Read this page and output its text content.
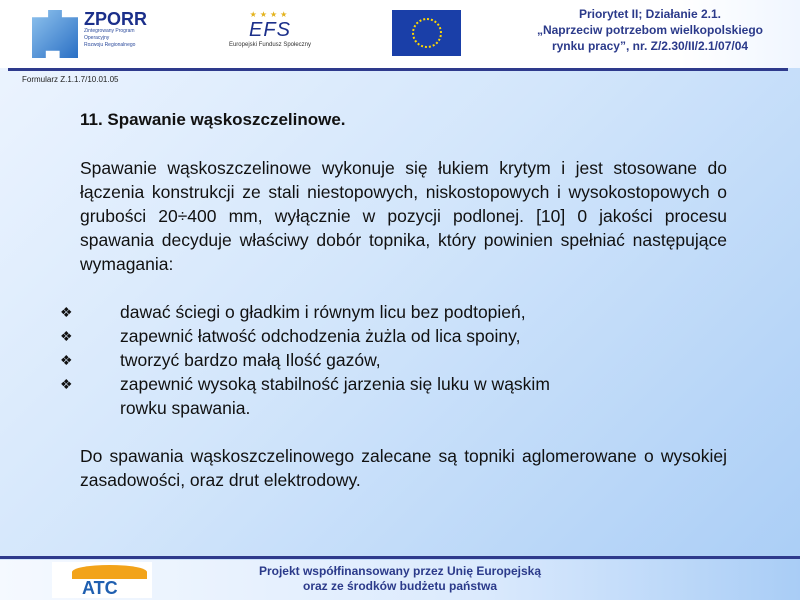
ZPORR
Zintegrowany Program
Operacyjny
Rozwoju Regionalnego
★★★★
EFS
Europejski Fundusz Społeczny
Priorytet II; Działanie 2.1.
„Naprzeciw potrzebom wielkopolskiego
rynku pracy”, nr. Z/2.30/II/2.1/07/04
Formularz Z.1.1.7/10.01.05
11. Spawanie wąskoszczelinowe.

Spawanie wąskoszczelinowe wykonuje się łukiem krytym i jest stosowane do łączenia konstrukcji ze stali niestopowych, niskostopowych i wysokostopowych o grubości 20÷400 mm, wyłącznie w pozycji podlonej. [10] 0 jakości procesu spawania decyduje właściwy dobór topnika, który powinien spełniać następujące wymagania:

❖	dawać ściegi o gładkim i równym licu bez podtopień,
❖	zapewnić łatwość odchodzenia żużla od lica spoiny,
❖	tworzyć bardzo małą Ilość gazów,
❖	zapewnić wysoką stabilność jarzenia się luku w wąskim rowku spawania.

Do spawania wąskoszczelinowego zalecane są topniki aglomerowane o wysokiej zasadowości, oraz drut elektrodowy.

ATC
Projekt współfinansowany przez Unię Europejską
oraz ze środków budżetu państwa
